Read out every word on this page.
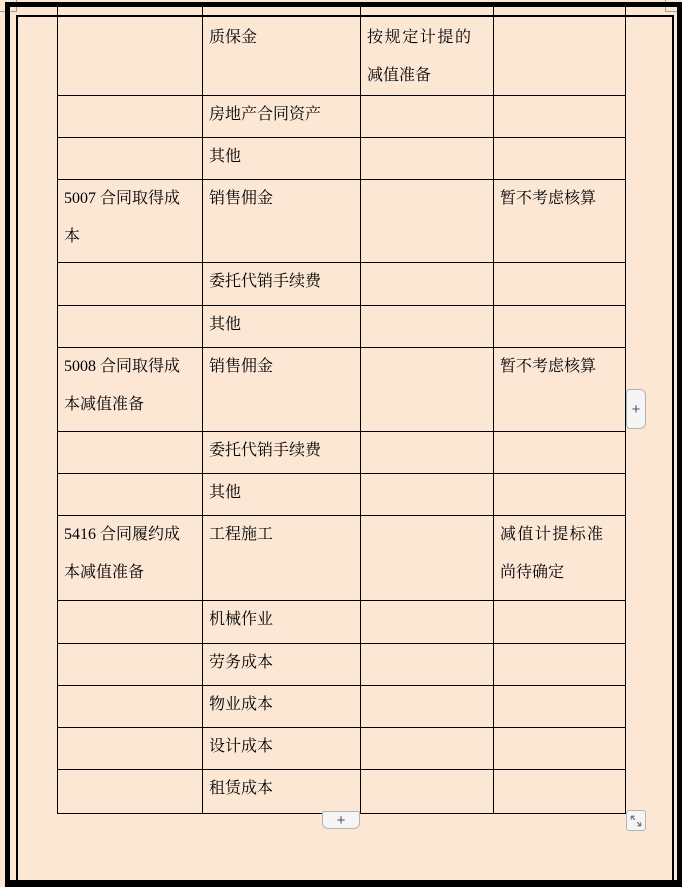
	质保金	按规定计提的减值准备	
	房地产合同资产		
	其他		
5007 合同取得成本	销售佣金		暂不考虑核算
	委托代销手续费		
	其他		
5008 合同取得成本减值准备	销售佣金		暂不考虑核算
	委托代销手续费		
	其他		
5416 合同履约成本减值准备	工程施工		减值计提标准尚待确定
	机械作业		
	劳务成本		
	物业成本		
	设计成本		
	租赁成本		
+
+
